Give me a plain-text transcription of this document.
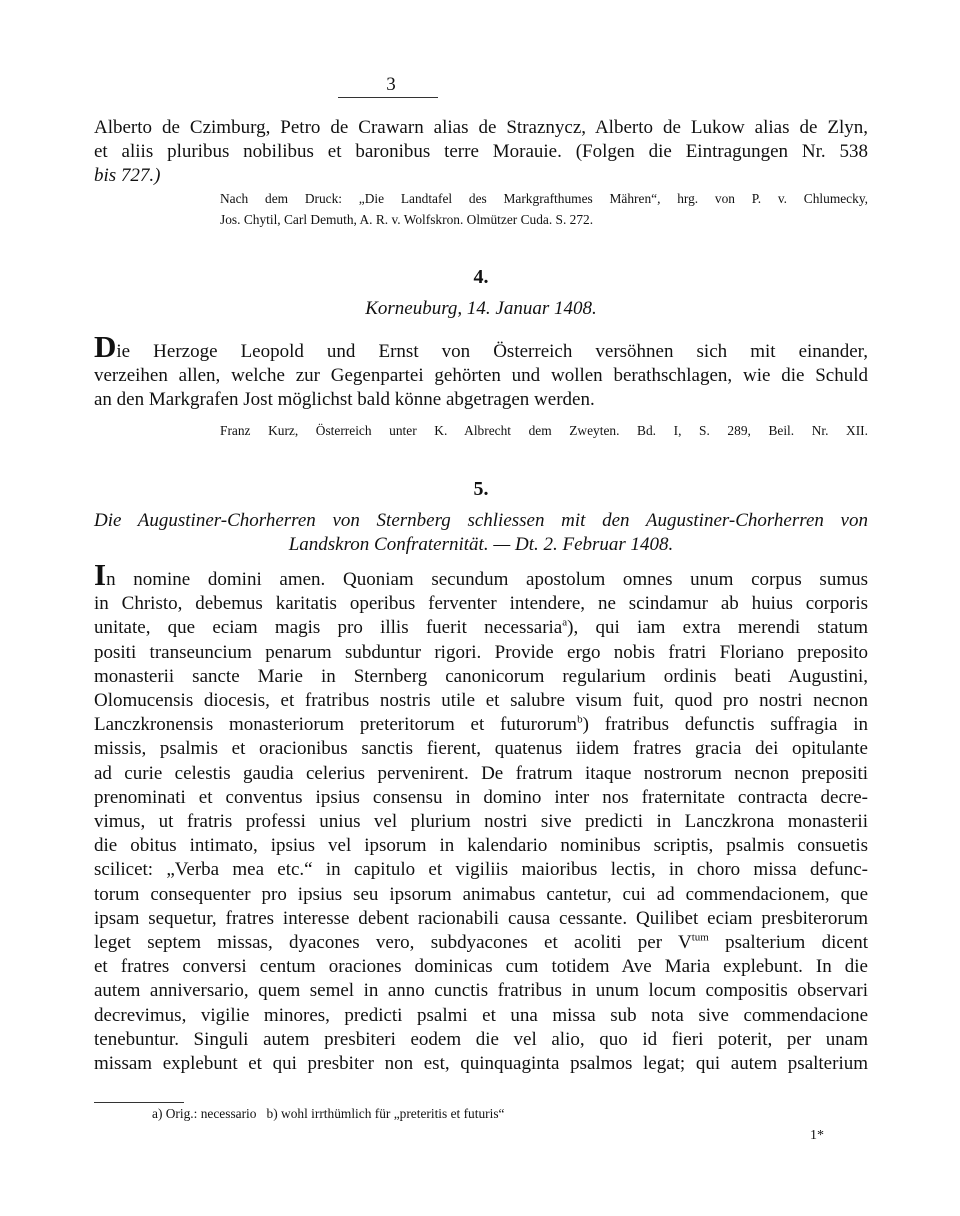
3

Alberto de Czimburg, Petro de Crawarn alias de Straznycz, Alberto de Lukow alias de Zlyn,

et aliis pluribus nobilibus et baronibus terre Morauie. (Folgen die Eintragungen Nr. 538

bis 727.)

Nach dem Druck: „Die Landtafel des Markgrafthumes Mähren“, hrg. von P. v. Chlumecky,

Jos. Chytil, Carl Demuth, A. R. v. Wolfskron. Olmützer Cuda. S. 272.

4.
Korneuburg, 14. Januar 1408.

Die Herzoge Leopold und Ernst von Österreich versöhnen sich mit einander,

verzeihen allen, welche zur Gegenpartei gehörten und wollen berathschlagen, wie die Schuld

an den Markgrafen Jost möglichst bald könne abgetragen werden.

Franz Kurz, Österreich unter K. Albrecht dem Zweyten. Bd. I, S. 289, Beil. Nr. XII.

5.

Die Augustiner-Chorherren von Sternberg schliessen mit den Augustiner-Chorherren von

Landskron Confraternität. — Dt. 2. Februar 1408.

In nomine domini amen. Quoniam secundum apostolum omnes unum corpus sumus

in Christo, debemus karitatis operibus ferventer intendere, ne scindamur ab huius corporis

unitate, que eciam magis pro illis fuerit necessaria$^a$), qui iam extra merendi statum

positi transeuncium penarum subduntur rigori. Provide ergo nobis fratri Floriano preposito

monasterii sancte Marie in Sternberg canonicorum regularium ordinis beati Augustini,

Olomucensis diocesis, et fratribus nostris utile et salubre visum fuit, quod pro nostri necnon

Lanczkronensis monasteriorum preteritorum et futurorum$^b$) fratribus defunctis suffragia in

missis, psalmis et oracionibus sanctis fierent, quatenus iidem fratres gracia dei opitulante

ad curie celestis gaudia celerius pervenirent. De fratrum itaque nostrorum necnon prepositi

prenominati et conventus ipsius consensu in domino inter nos fraternitate contracta decre-

vimus, ut fratris professi unius vel plurium nostri sive predicti in Lanczkrona monasterii

die obitus intimato, ipsius vel ipsorum in kalendario nominibus scriptis, psalmis consuetis

scilicet: „Verba mea etc.“ in capitulo et vigiliis maioribus lectis, in choro missa defunc-

torum consequenter pro ipsius seu ipsorum animabus cantetur, cui ad commendacionem, que

ipsam sequetur, fratres interesse debent racionabili causa cessante. Quilibet eciam presbiterorum

leget septem missas, dyacones vero, subdyacones et acoliti per $V^{tum}$ psalterium dicent

et fratres conversi centum oraciones dominicas cum totidem Ave Maria explebunt. In die

autem anniversario, quem semel in anno cunctis fratribus in unum locum compositis observari

decrevimus, vigilie minores, predicti psalmi et una missa sub nota sive commendacione

tenebuntur. Singuli autem presbiteri eodem die vel alio, quo id fieri poterit, per unam

missam explebunt et qui presbiter non est, quinquaginta psalmos legat; qui autem psalterium

a) Orig.: necessario   b) wohl irrthümlich für „preteritis et futuris“
1*
